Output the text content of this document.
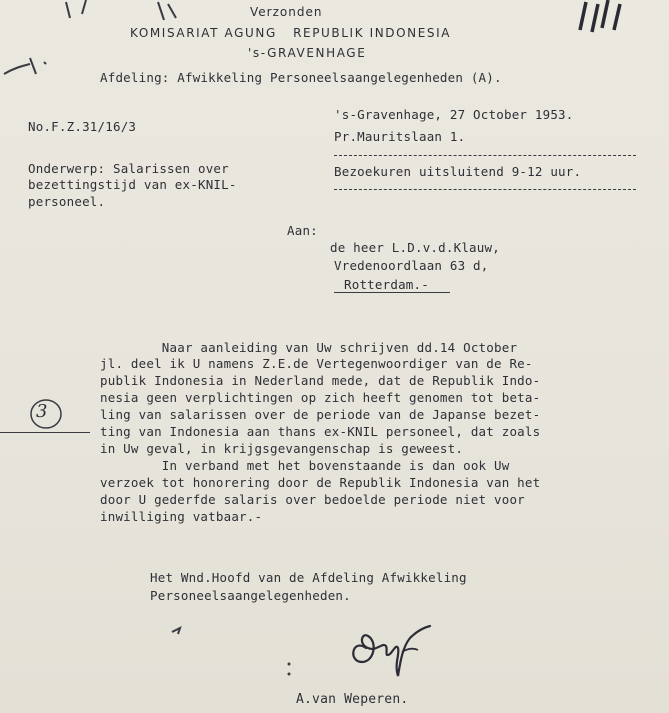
Verzonden
KOMISARIAT AGUNG   REPUBLIK INDONESIA
's-GRAVENHAGE
Afdeling: Afwikkeling Personeelsaangelegenheden (A).
No.F.Z.31/16/3
's-Gravenhage, 27 October 1953.
Pr.Mauritslaan 1.
Bezoekuren uitsluitend 9-12 uur.
Onderwerp: Salarissen over
bezettingstijd van ex-KNIL-
personeel.
Aan:
de heer L.D.v.d.Klauw,
Vredenoordlaan 63 d,
Rotterdam.-
3
Naar aanleiding van Uw schrijven dd.14 October
jl. deel ik U namens Z.E.de Vertegenwoordiger van de Re-
publik Indonesia in Nederland mede, dat de Republik Indo-
nesia geen verplichtingen op zich heeft genomen tot beta-
ling van salarissen over de periode van de Japanse bezet-
ting van Indonesia aan thans ex-KNIL personeel, dat zoals
in Uw geval, in krijgsgevangenschap is geweest.
In verband met het bovenstaande is dan ook Uw
verzoek tot honorering door de Republik Indonesia van het
door U gederfde salaris over bedoelde periode niet voor
inwilliging vatbaar.-
Het Wnd.Hoofd van de Afdeling Afwikkeling
Personeelsaangelegenheden.
A.van Weperen.
